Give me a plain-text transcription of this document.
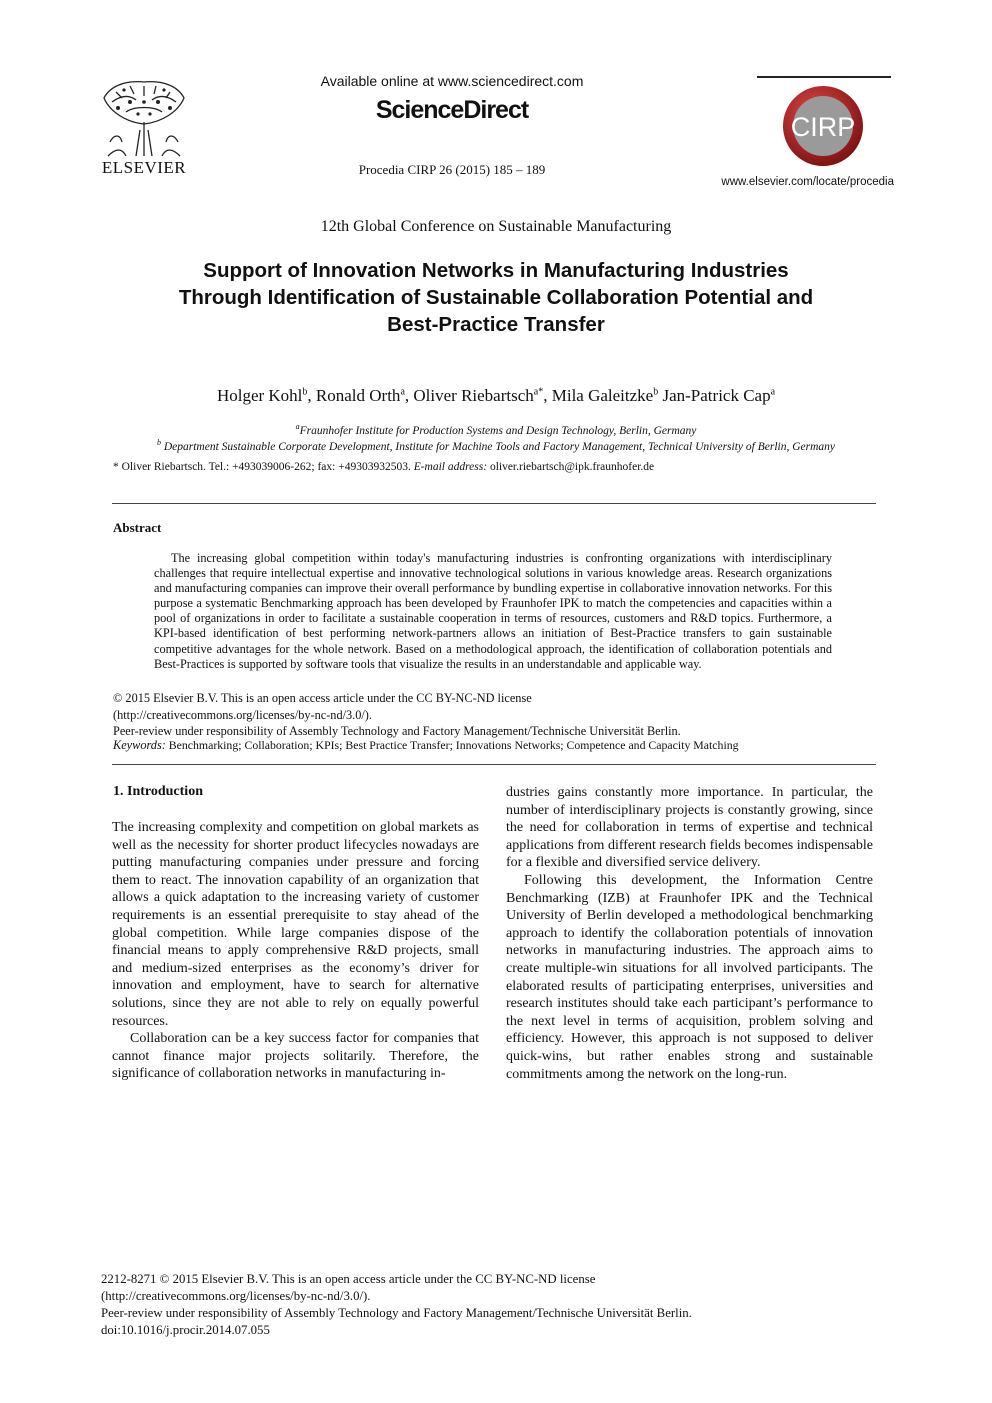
ELSEVIER
Available online at www.sciencedirect.com
ScienceDirect
Procedia CIRP 26 (2015) 185 – 189
CIRP
www.elsevier.com/locate/procedia
12th Global Conference on Sustainable Manufacturing
Support of Innovation Networks in Manufacturing Industries
Through Identification of Sustainable Collaboration Potential and
Best-Practice Transfer
Holger Kohl$^b$, Ronald Orth$^a$, Oliver Riebartsch$^{a*}$, Mila Galeitzke$^b$ Jan-Patrick Cap$^a$
$^a$Fraunhofer Institute for Production Systems and Design Technology, Berlin, Germany
$^b$ Department Sustainable Corporate Development, Institute for Machine Tools and Factory Management, Technical University of Berlin, Germany
* Oliver Riebartsch. Tel.: +493039006-262; fax: +49303932503. E-mail address: oliver.riebartsch@ipk.fraunhofer.de
Abstract
The increasing global competition within today's manufacturing industries is confronting organizations with interdisciplinary challenges that require intellectual expertise and innovative technological solutions in various knowledge areas. Research organizations and manufacturing companies can improve their overall performance by bundling expertise in collaborative innovation networks. For this purpose a systematic Benchmarking approach has been developed by Fraunhofer IPK to match the competencies and capacities within a pool of organizations in order to facilitate a sustainable cooperation in terms of resources, customers and R&D topics. Furthermore, a KPI-based identification of best performing network-partners allows an initiation of Best-Practice transfers to gain sustainable competitive advantages for the whole network. Based on a methodological approach, the identification of collaboration potentials and Best-Practices is supported by software tools that visualize the results in an understandable and applicable way.
© 2015 Elsevier B.V. This is an open access article under the CC BY-NC-ND license
(http://creativecommons.org/licenses/by-nc-nd/3.0/).
Peer-review under responsibility of Assembly Technology and Factory Management/Technische Universität Berlin.
Keywords: Benchmarking; Collaboration; KPIs; Best Practice Transfer; Innovations Networks; Competence and Capacity Matching
1. Introduction

The increasing complexity and competition on global markets as well as the necessity for shorter product lifecycles nowadays are putting manufacturing companies under pressure and forcing them to react. The innovation capability of an organization that allows a quick adaptation to the increasing variety of customer requirements is an essential prerequisite to stay ahead of the global competition. While large companies dispose of the financial means to apply comprehensive R&D projects, small and medium-sized enterprises as the economy’s driver for innovation and employment, have to search for alternative solutions, since they are not able to rely on equally powerful resources.

Collaboration can be a key success factor for companies that cannot finance major projects solitarily. Therefore, the significance of collaboration networks in manufacturing in-

dustries gains constantly more importance. In particular, the number of interdisciplinary projects is constantly growing, since the need for collaboration in terms of expertise and technical applications from different research fields becomes indispensable for a flexible and diversified service delivery.

Following this development, the Information Centre Benchmarking (IZB) at Fraunhofer IPK and the Technical University of Berlin developed a methodological benchmarking approach to identify the collaboration potentials of innovation networks in manufacturing industries. The approach aims to create multiple-win situations for all involved participants. The elaborated results of participating enterprises, universities and research institutes should take each participant’s performance to the next level in terms of acquisition, problem solving and efficiency. However, this approach is not supposed to deliver quick-wins, but rather enables strong and sustainable commitments among the network on the long-run.

2212-8271 © 2015 Elsevier B.V. This is an open access article under the CC BY-NC-ND license
(http://creativecommons.org/licenses/by-nc-nd/3.0/).
Peer-review under responsibility of Assembly Technology and Factory Management/Technische Universität Berlin.
doi:10.1016/j.procir.2014.07.055
